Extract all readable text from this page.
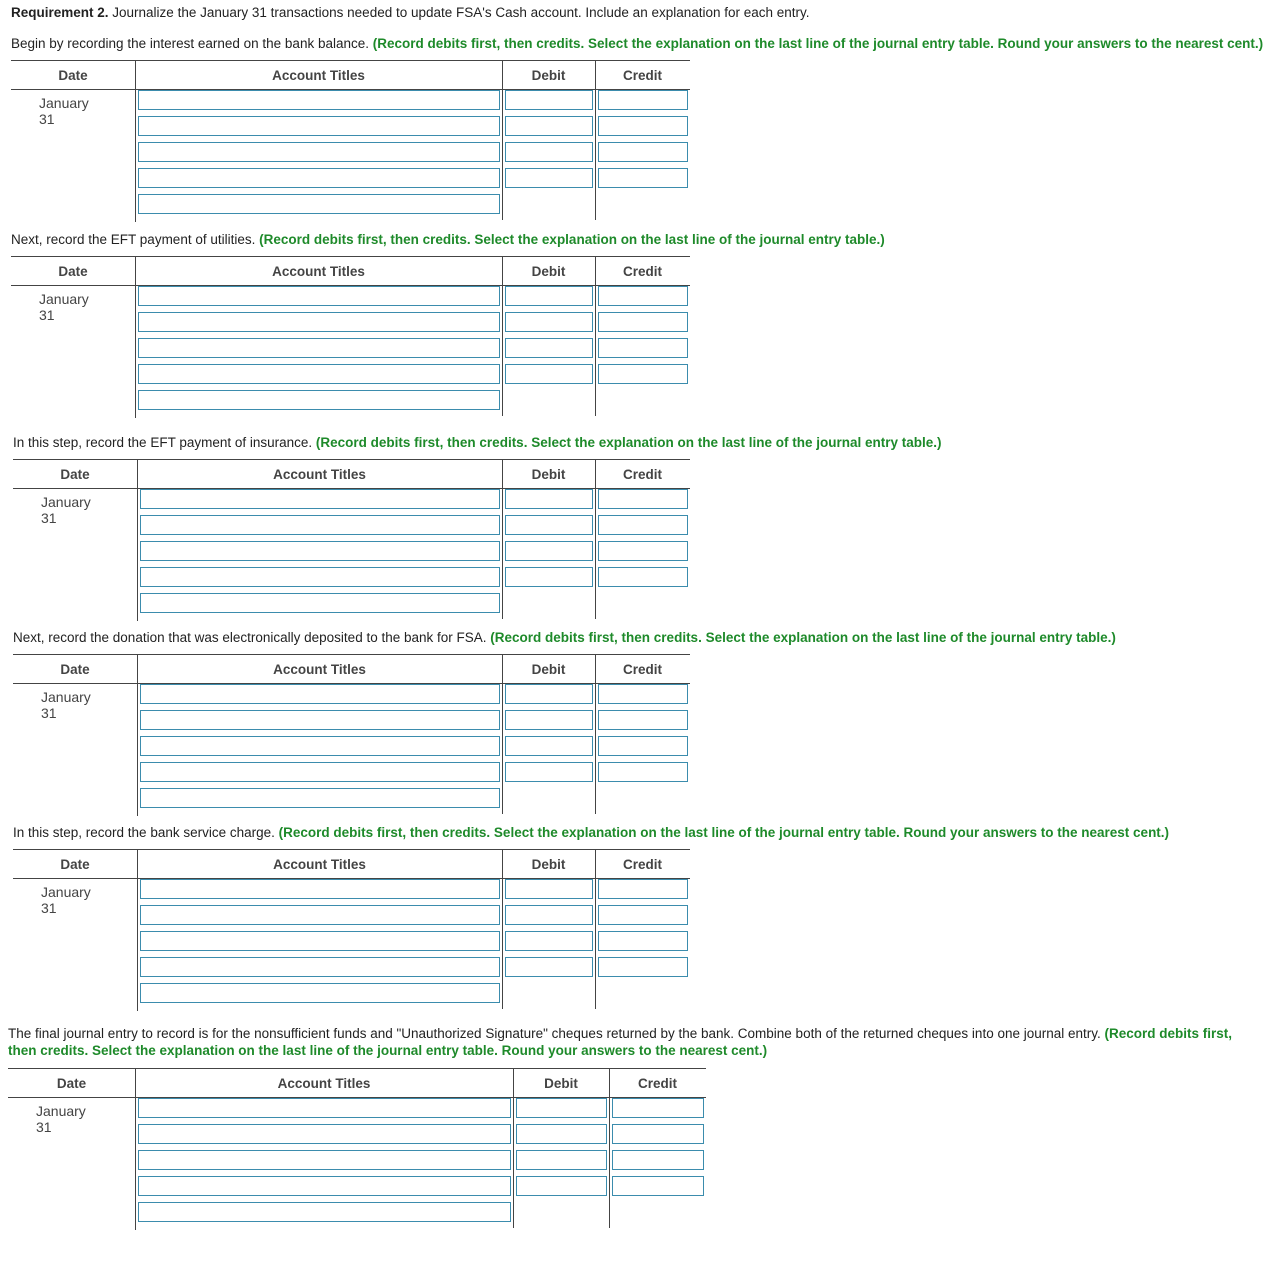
Requirement 2. Journalize the January 31 transactions needed to update FSA's Cash account. Include an explanation for each entry.
Begin by recording the interest earned on the bank balance. (Record debits first, then credits. Select the explanation on the last line of the journal entry table. Round your answers to the nearest cent.)
Date	Account Titles	Debit	Credit
January 31
Next, record the EFT payment of utilities. (Record debits first, then credits. Select the explanation on the last line of the journal entry table.)
Date	Account Titles	Debit	Credit
January 31
In this step, record the EFT payment of insurance. (Record debits first, then credits. Select the explanation on the last line of the journal entry table.)
Date	Account Titles	Debit	Credit
January 31
Next, record the donation that was electronically deposited to the bank for FSA. (Record debits first, then credits. Select the explanation on the last line of the journal entry table.)
Date	Account Titles	Debit	Credit
January 31
In this step, record the bank service charge. (Record debits first, then credits. Select the explanation on the last line of the journal entry table. Round your answers to the nearest cent.)
Date	Account Titles	Debit	Credit
January 31
The final journal entry to record is for the nonsufficient funds and "Unauthorized Signature" cheques returned by the bank. Combine both of the returned cheques into one journal entry. (Record debits first, then credits. Select the explanation on the last line of the journal entry table. Round your answers to the nearest cent.)
Date	Account Titles	Debit	Credit
January 31
